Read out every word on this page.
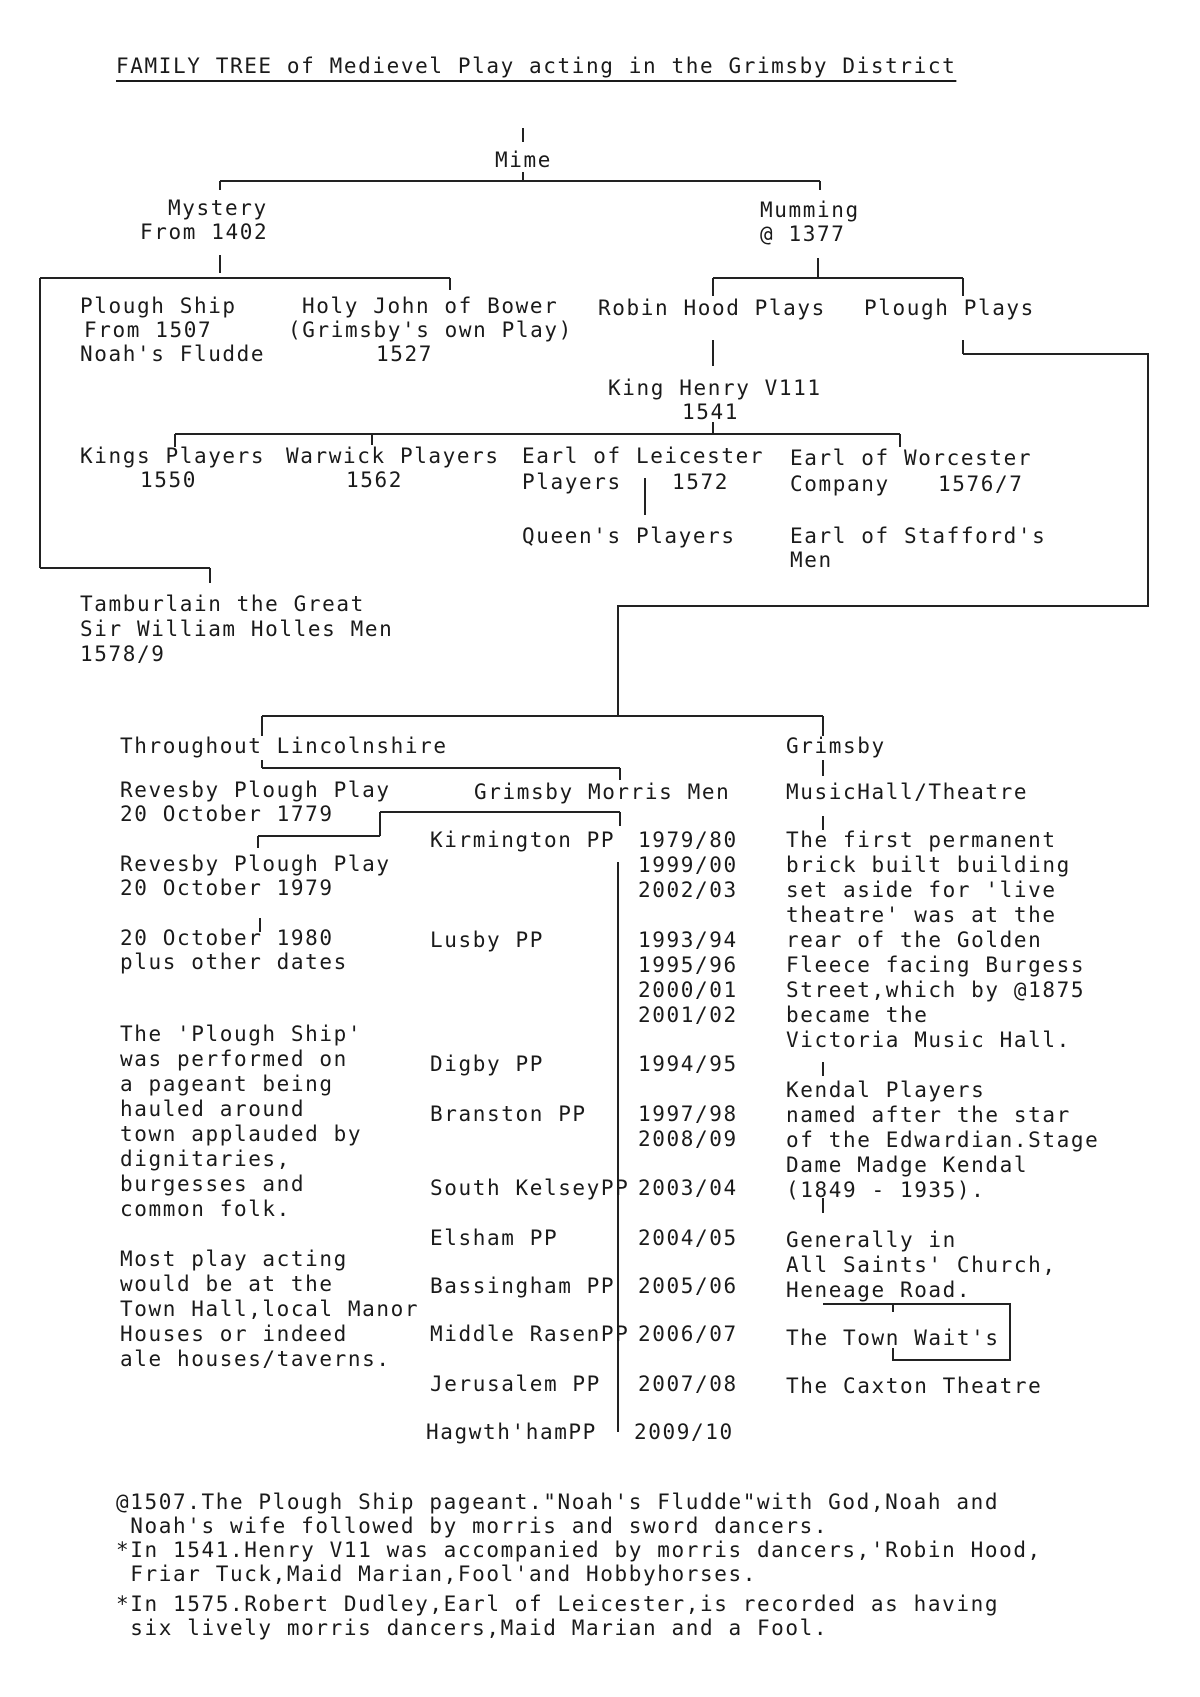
FAMILY TREE of Medievel Play acting in the Grimsby District
Mime
Mystery
From 1402
Mumming
@ 1377
Plough Ship
From 1507
Noah's Fludde
Holy John of Bower
(Grimsby's own Play)
1527
Robin Hood Plays Plough Plays
King Henry V111
1541
Kings Players
1550
Warwick Players
1562
Earl of Leicester
Players 1572
Earl of Worcester
Company 1576/7
Queen's Players	Earl of Stafford's
Men
Tamburlain the Great
Sir William Holles Men
1578/9
Throughout Lincolnshire
Revesby Plough Play
20 October 1779
Revesby Plough Play
20 October 1979
20 October 1980
plus other dates
The 'Plough Ship'
was performed on
a pageant being
hauled around
town applauded by
dignitaries,
burgesses and
common folk.
Most play acting
would be at the
Town Hall,local Manor
Houses or indeed
ale houses/taverns.
Grimsby Morris Men
Kirmington PP 1979/80
1999/00
2002/03
Lusby PP	1993/94
1995/96
2000/01
2001/02
Digby PP	1994/95
Branston PP 1997/98
2008/09
South KelseyPP 2003/04
Elsham PP	2004/05
Bassingham PP 2005/06
Middle RasenPP 2006/07
Jerusalem PP 2007/08
Hagwth'hamPP 2009/10
Grimsby
MusicHall/Theatre
The first permanent
brick built building
set aside for 'live
theatre' was at the
rear of the Golden
Fleece facing Burgess
Street,which by @1875
became the
Victoria Music Hall.
Kendal Players
named after the star
of the Edwardian.Stage
Dame Madge Kendal
(1849 - 1935).
Generally in
All Saints' Church,
Heneage Road.
The Town Wait's
The Caxton Theatre
@1507.The Plough Ship pageant."Noah's Fludde"with God,Noah and
Noah's wife followed by morris and sword dancers.
*In 1541.Henry V11 was accompanied by morris dancers,'Robin Hood,
Friar Tuck,Maid Marian,Fool'and Hobbyhorses.
*In 1575.Robert Dudley,Earl of Leicester,is recorded as having
six lively morris dancers,Maid Marian and a Fool.
